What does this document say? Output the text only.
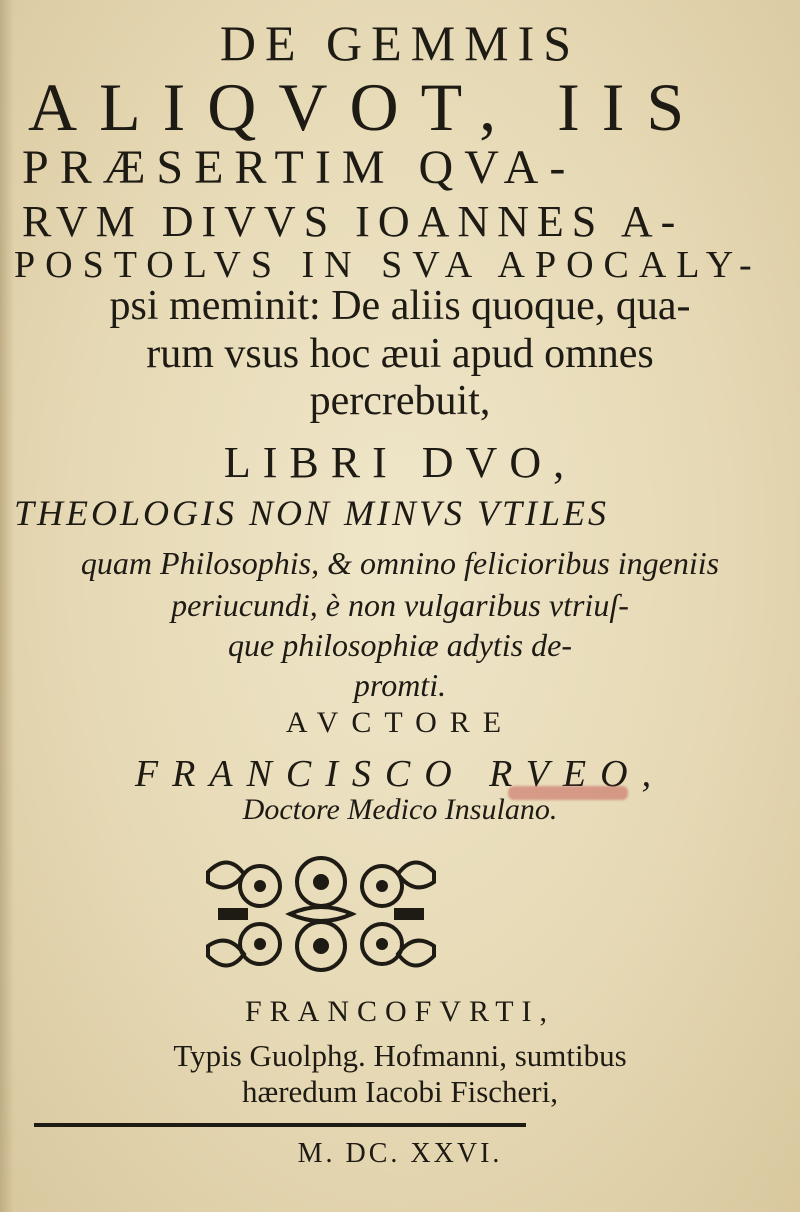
DE GEMMIS
ALIQVOT, IIS
PRÆSERTIM QVA-
RVM DIVVS IOANNES A-
POSTOLVS IN SVA APOCALY-
psi meminit: De aliis quoque, qua-
rum vsus hoc æui apud omnes
percrebuit,
LIBRI DVO,
THEOLOGIS NON MINVS VTILES
quam Philosophis, & omnino felicioribus ingeniis
periucundi, è non vulgaribus vtriuſ-
que philosophiæ adytis de-
promti.
AVCTORE
FRANCISCO RVEO,
Doctore Medico Insulano.
FRANCOFVRTI,
Typis Guolphg. Hofmanni, sumtibus
hæredum Iacobi Fischeri,
M. DC. XXVI.
